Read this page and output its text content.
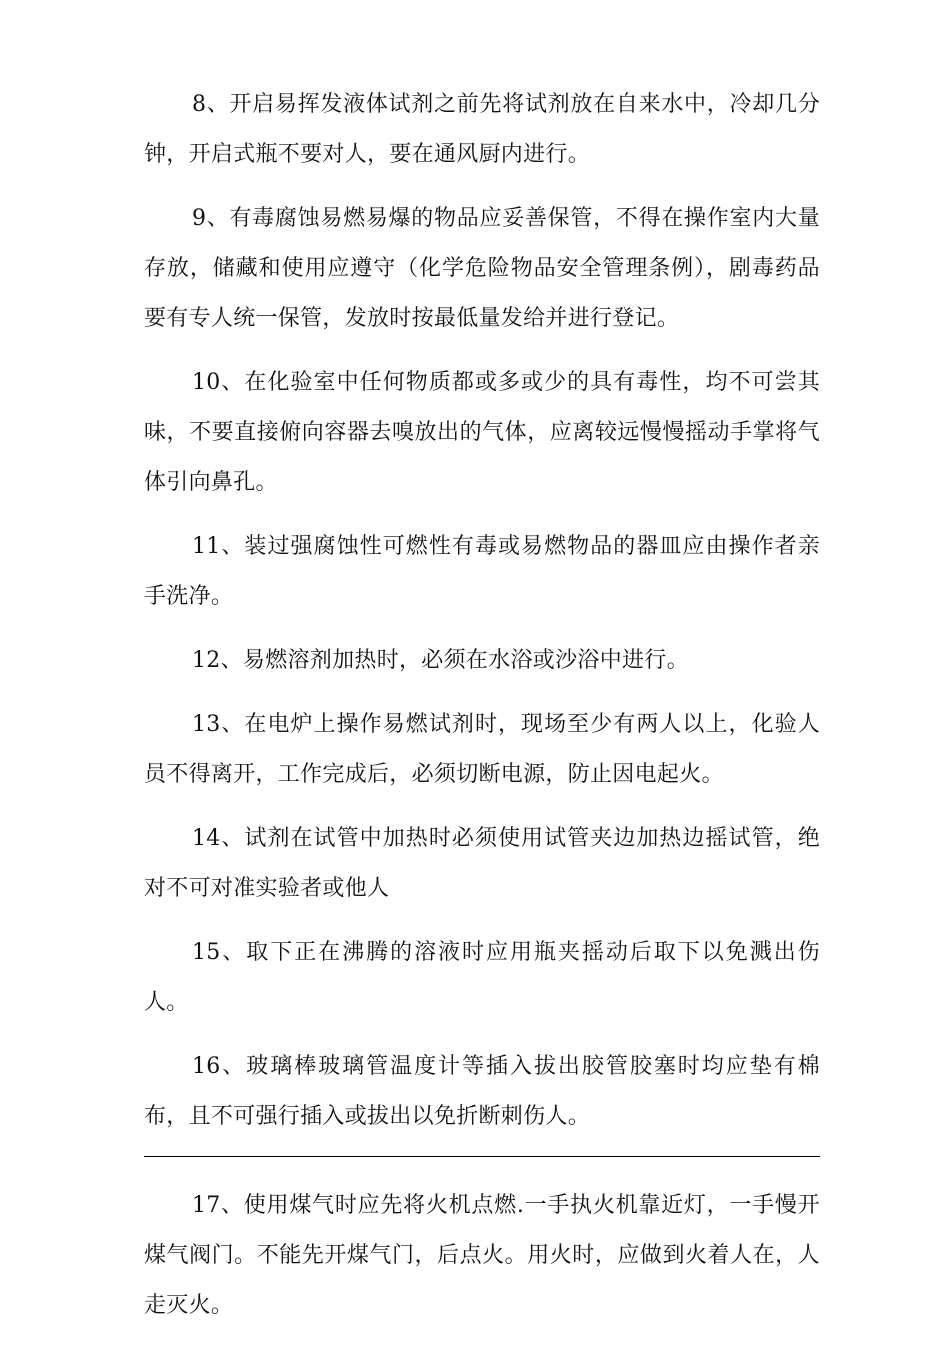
8、开启易挥发液体试剂之前先将试剂放在自来水中，冷却几分钟，开启式瓶不要对人，要在通风厨内进行。

9、有毒腐蚀易燃易爆的物品应妥善保管，不得在操作室内大量存放，储藏和使用应遵守（化学危险物品安全管理条例），剧毒药品要有专人统一保管，发放时按最低量发给并进行登记。

10、在化验室中任何物质都或多或少的具有毒性，均不可尝其味，不要直接俯向容器去嗅放出的气体，应离较远慢慢摇动手掌将气体引向鼻孔。

11、装过强腐蚀性可燃性有毒或易燃物品的器皿应由操作者亲手洗净。

12、易燃溶剂加热时，必须在水浴或沙浴中进行。

13、在电炉上操作易燃试剂时，现场至少有两人以上，化验人员不得离开，工作完成后，必须切断电源，防止因电起火。

14、试剂在试管中加热时必须使用试管夹边加热边摇试管，绝对不可对准实验者或他人

15、取下正在沸腾的溶液时应用瓶夹摇动后取下以免溅出伤人。

16、玻璃棒玻璃管温度计等插入拔出胶管胶塞时均应垫有棉布，且不可强行插入或拔出以免折断刺伤人。

17、使用煤气时应先将火机点燃.一手执火机靠近灯，一手慢开煤气阀门。不能先开煤气门，后点火。用火时，应做到火着人在，人走灭火。
